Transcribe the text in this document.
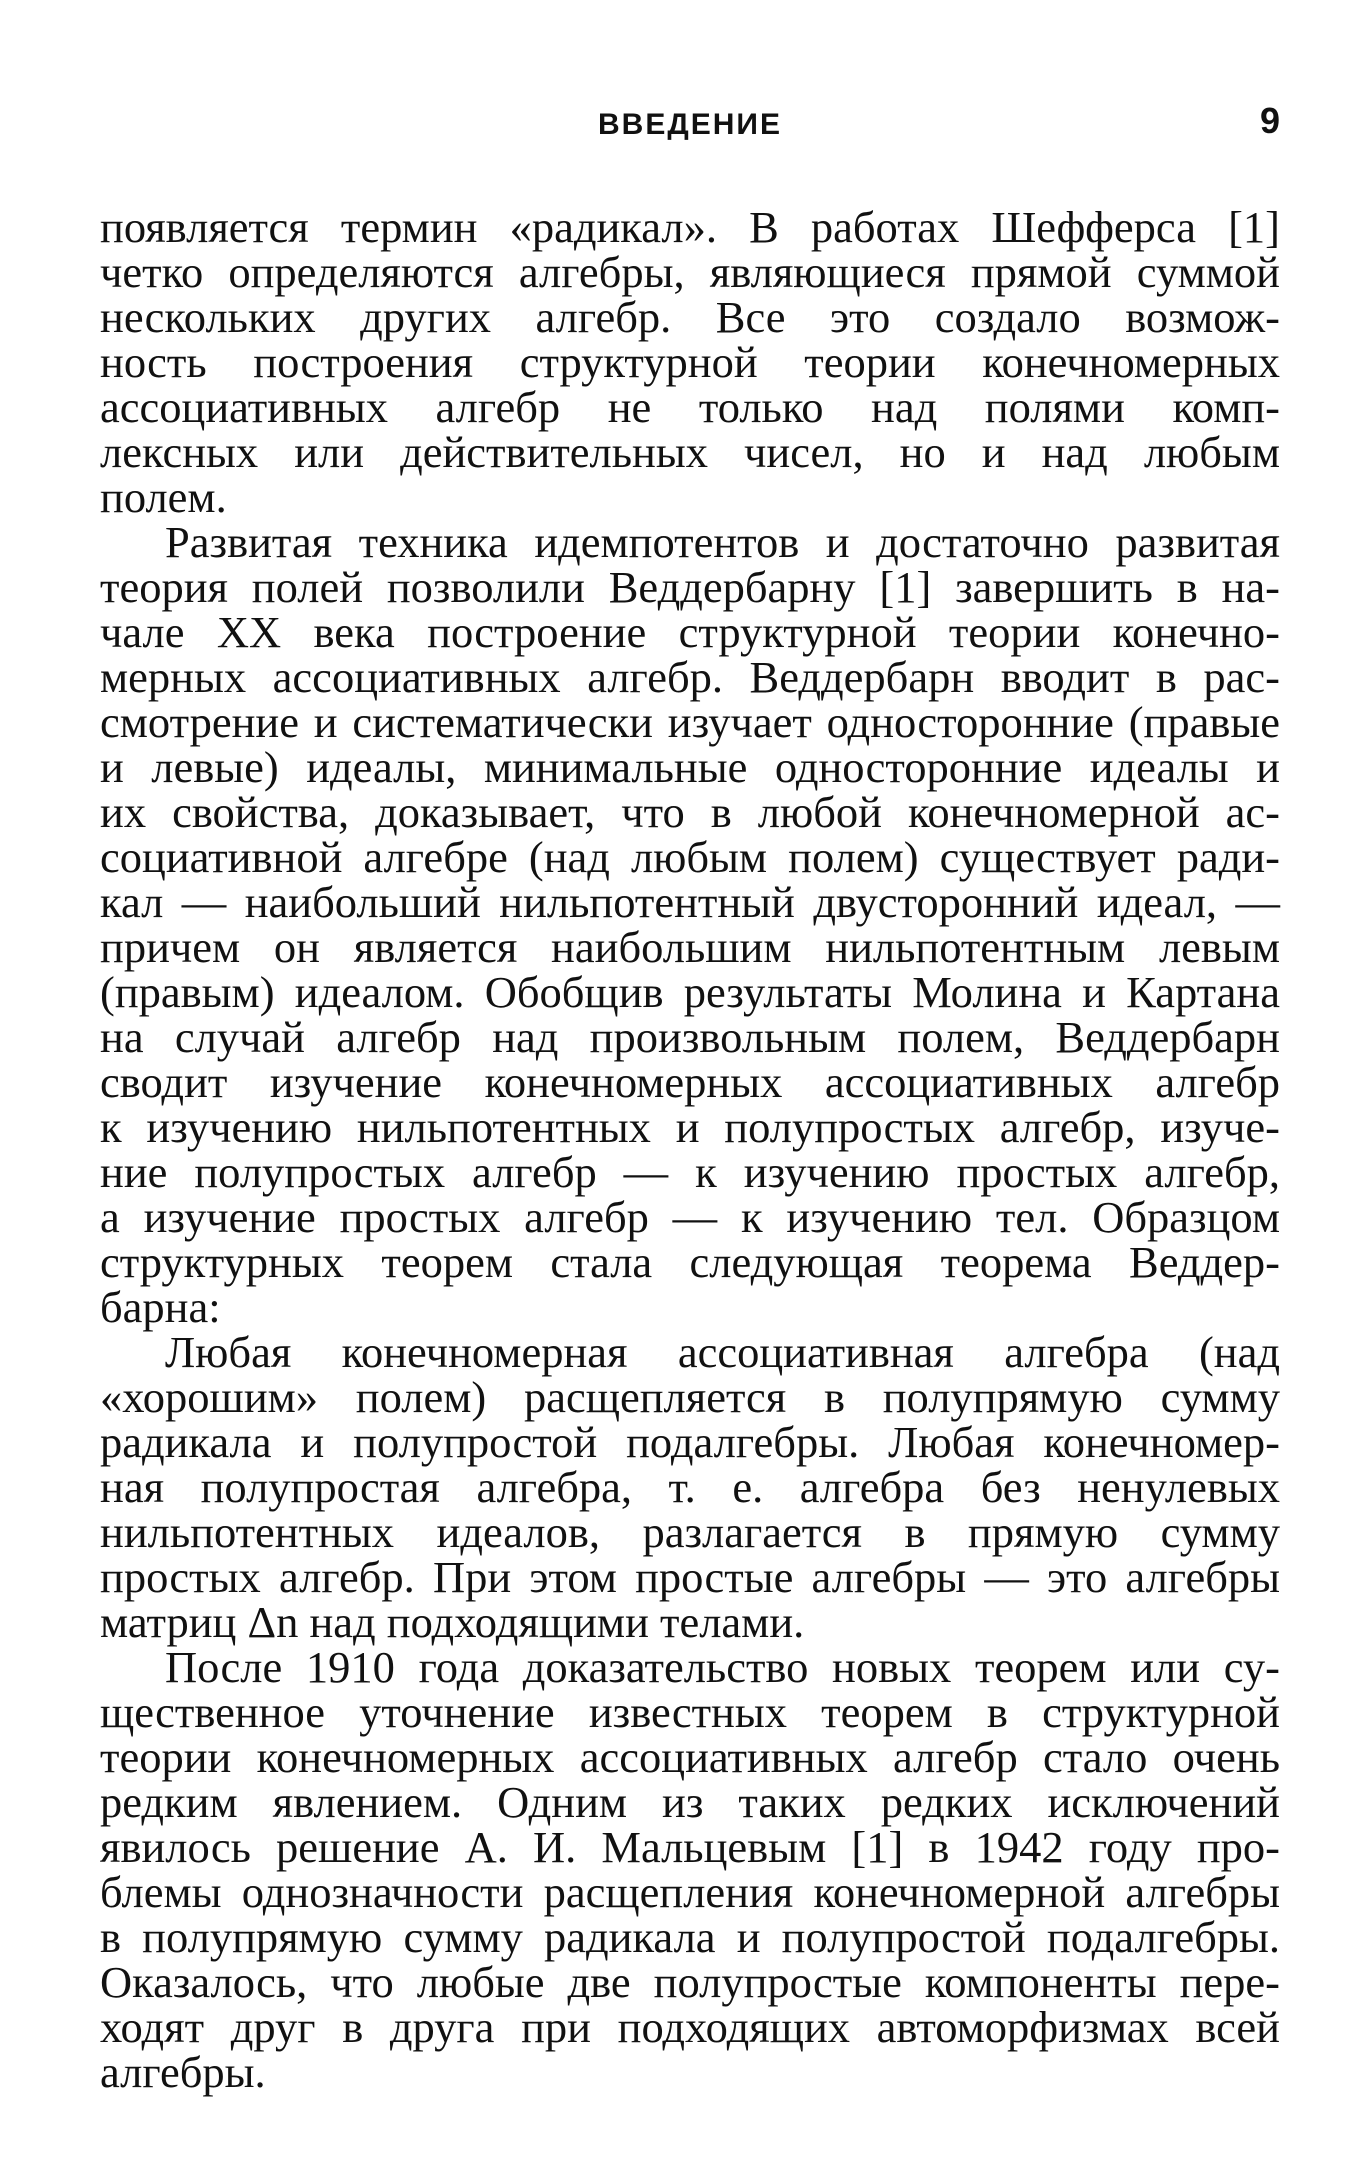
ВВЕДЕНИЕ	9
появляется термин «радикал». В работах Шефферса [1]
четко определяются алгебры, являющиеся прямой суммой
нескольких других алгебр. Все это создало возмож-
ность построения структурной теории конечномерных
ассоциативных алгебр не только над полями комп-
лексных или действительных чисел, но и над любым
полем.
Развитая техника идемпотентов и достаточно развитая
теория полей позволили Веддербарну [1] завершить в на-
чале XX века построение структурной теории конечно-
мерных ассоциативных алгебр. Веддербарн вводит в рас-
смотрение и систематически изучает односторонние (правые
и левые) идеалы, минимальные односторонние идеалы и
их свойства, доказывает, что в любой конечномерной ас-
социативной алгебре (над любым полем) существует ради-
кал — наибольший нильпотентный двусторонний идеал, —
причем он является наибольшим нильпотентным левым
(правым) идеалом. Обобщив результаты Молина и Картана
на случай алгебр над произвольным полем, Веддербарн
сводит изучение конечномерных ассоциативных алгебр
к изучению нильпотентных и полупростых алгебр, изуче-
ние полупростых алгебр — к изучению простых алгебр,
а изучение простых алгебр — к изучению тел. Образцом
структурных теорем стала следующая теорема Веддер-
барна:
Любая конечномерная ассоциативная алгебра (над
«хорошим» полем) расщепляется в полупрямую сумму
радикала и полупростой подалгебры. Любая конечномер-
ная полупростая алгебра, т. е. алгебра без ненулевых
нильпотентных идеалов, разлагается в прямую сумму
простых алгебр. При этом простые алгебры — это алгебры
матриц Δn над подходящими телами.
После 1910 года доказательство новых теорем или су-
щественное уточнение известных теорем в структурной
теории конечномерных ассоциативных алгебр стало очень
редким явлением. Одним из таких редких исключений
явилось решение А. И. Мальцевым [1] в 1942 году про-
блемы однозначности расщепления конечномерной алгебры
в полупрямую сумму радикала и полупростой подалгебры.
Оказалось, что любые две полупростые компоненты пере-
ходят друг в друга при подходящих автоморфизмах всей
алгебры.
